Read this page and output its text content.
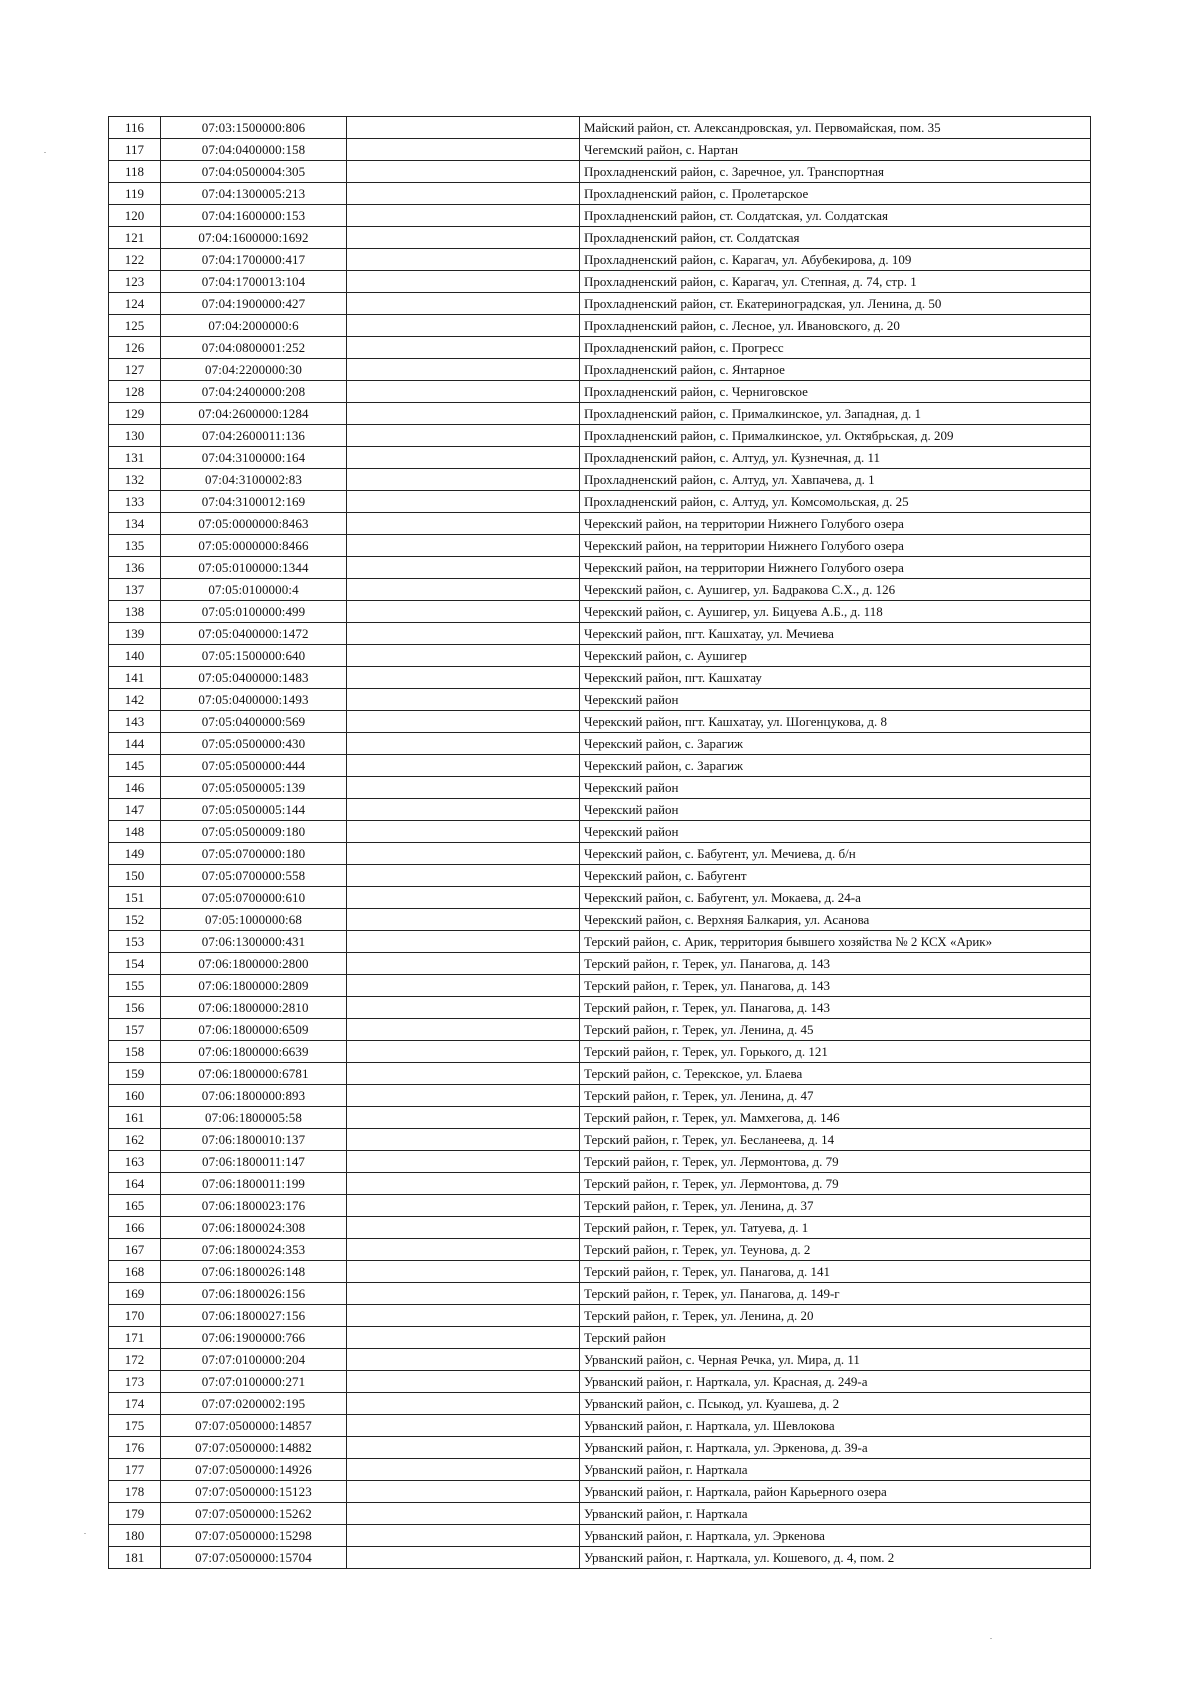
116	07:03:1500000:806		Майский район, ст. Александровская, ул. Первомайская, пом. 35
117	07:04:0400000:158		Чегемский район, с. Нартан
118	07:04:0500004:305		Прохладненский район, с. Заречное, ул. Транспортная
119	07:04:1300005:213		Прохладненский район, с. Пролетарское
120	07:04:1600000:153		Прохладненский район, ст. Солдатская, ул. Солдатская
121	07:04:1600000:1692		Прохладненский район, ст. Солдатская
122	07:04:1700000:417		Прохладненский район, с. Карагач, ул. Абубекирова, д. 109
123	07:04:1700013:104		Прохладненский район, с. Карагач, ул. Степная, д. 74, стр. 1
124	07:04:1900000:427		Прохладненский район, ст. Екатериноградская, ул. Ленина, д. 50
125	07:04:2000000:6		Прохладненский район, с. Лесное, ул. Ивановского, д. 20
126	07:04:0800001:252		Прохладненский район, с. Прогресс
127	07:04:2200000:30		Прохладненский район, с. Янтарное
128	07:04:2400000:208		Прохладненский район, с. Черниговское
129	07:04:2600000:1284		Прохладненский район, с. Прималкинское, ул. Западная, д. 1
130	07:04:2600011:136		Прохладненский район, с. Прималкинское, ул. Октябрьская, д. 209
131	07:04:3100000:164		Прохладненский район, с. Алтуд, ул. Кузнечная, д. 11
132	07:04:3100002:83		Прохладненский район, с. Алтуд, ул. Хавпачева, д. 1
133	07:04:3100012:169		Прохладненский район, с. Алтуд, ул. Комсомольская, д. 25
134	07:05:0000000:8463		Черекский район, на территории Нижнего Голубого озера
135	07:05:0000000:8466		Черекский район, на территории Нижнего Голубого озера
136	07:05:0100000:1344		Черекский район, на территории Нижнего Голубого озера
137	07:05:0100000:4		Черекский район, с. Аушигер, ул. Бадракова С.Х., д. 126
138	07:05:0100000:499		Черекский район, с. Аушигер, ул. Бицуева А.Б., д. 118
139	07:05:0400000:1472		Черекский район, пгт. Кашхатау, ул. Мечиева
140	07:05:1500000:640		Черекский район, с. Аушигер
141	07:05:0400000:1483		Черекский район, пгт. Кашхатау
142	07:05:0400000:1493		Черекский район
143	07:05:0400000:569		Черекский район, пгт. Кашхатау, ул. Шогенцукова, д. 8
144	07:05:0500000:430		Черекский район, с. Зарагиж
145	07:05:0500000:444		Черекский район, с. Зарагиж
146	07:05:0500005:139		Черекский район
147	07:05:0500005:144		Черекский район
148	07:05:0500009:180		Черекский район
149	07:05:0700000:180		Черекский район, с. Бабугент, ул. Мечиева, д. б/н
150	07:05:0700000:558		Черекский район, с. Бабугент
151	07:05:0700000:610		Черекский район, с. Бабугент, ул. Мокаева, д. 24-а
152	07:05:1000000:68		Черекский район, с. Верхняя Балкария, ул. Асанова
153	07:06:1300000:431		Терский район, с. Арик, территория бывшего хозяйства № 2 КСХ «Арик»
154	07:06:1800000:2800		Терский район, г. Терек, ул. Панагова, д. 143
155	07:06:1800000:2809		Терский район, г. Терек, ул. Панагова, д. 143
156	07:06:1800000:2810		Терский район, г. Терек, ул. Панагова, д. 143
157	07:06:1800000:6509		Терский район, г. Терек, ул. Ленина, д. 45
158	07:06:1800000:6639		Терский район, г. Терек, ул. Горького, д. 121
159	07:06:1800000:6781		Терский район, с. Терекское, ул. Блаева
160	07:06:1800000:893		Терский район, г. Терек, ул. Ленина, д. 47
161	07:06:1800005:58		Терский район, г. Терек, ул. Мамхегова, д. 146
162	07:06:1800010:137		Терский район, г. Терек, ул. Бесланеева, д. 14
163	07:06:1800011:147		Терский район, г. Терек, ул. Лермонтова, д. 79
164	07:06:1800011:199		Терский район, г. Терек, ул. Лермонтова, д. 79
165	07:06:1800023:176		Терский район, г. Терек, ул. Ленина, д. 37
166	07:06:1800024:308		Терский район, г. Терек, ул. Татуева, д. 1
167	07:06:1800024:353		Терский район, г. Терек, ул. Теунова, д. 2
168	07:06:1800026:148		Терский район, г. Терек, ул. Панагова, д. 141
169	07:06:1800026:156		Терский район, г. Терек, ул. Панагова, д. 149-г
170	07:06:1800027:156		Терский район, г. Терек, ул. Ленина, д. 20
171	07:06:1900000:766		Терский район
172	07:07:0100000:204		Урванский район, с. Черная Речка, ул. Мира, д. 11
173	07:07:0100000:271		Урванский район, г. Нарткала, ул. Красная, д. 249-а
174	07:07:0200002:195		Урванский район, с. Псыкод, ул. Куашева, д. 2
175	07:07:0500000:14857		Урванский район, г. Нарткала, ул. Шевлокова
176	07:07:0500000:14882		Урванский район, г. Нарткала, ул. Эркенова, д. 39-а
177	07:07:0500000:14926		Урванский район, г. Нарткала
178	07:07:0500000:15123		Урванский район, г. Нарткала, район Карьерного озера
179	07:07:0500000:15262		Урванский район, г. Нарткала
180	07:07:0500000:15298		Урванский район, г. Нарткала, ул. Эркенова
181	07:07:0500000:15704		Урванский район, г. Нарткала, ул. Кошевого, д. 4, пом. 2
